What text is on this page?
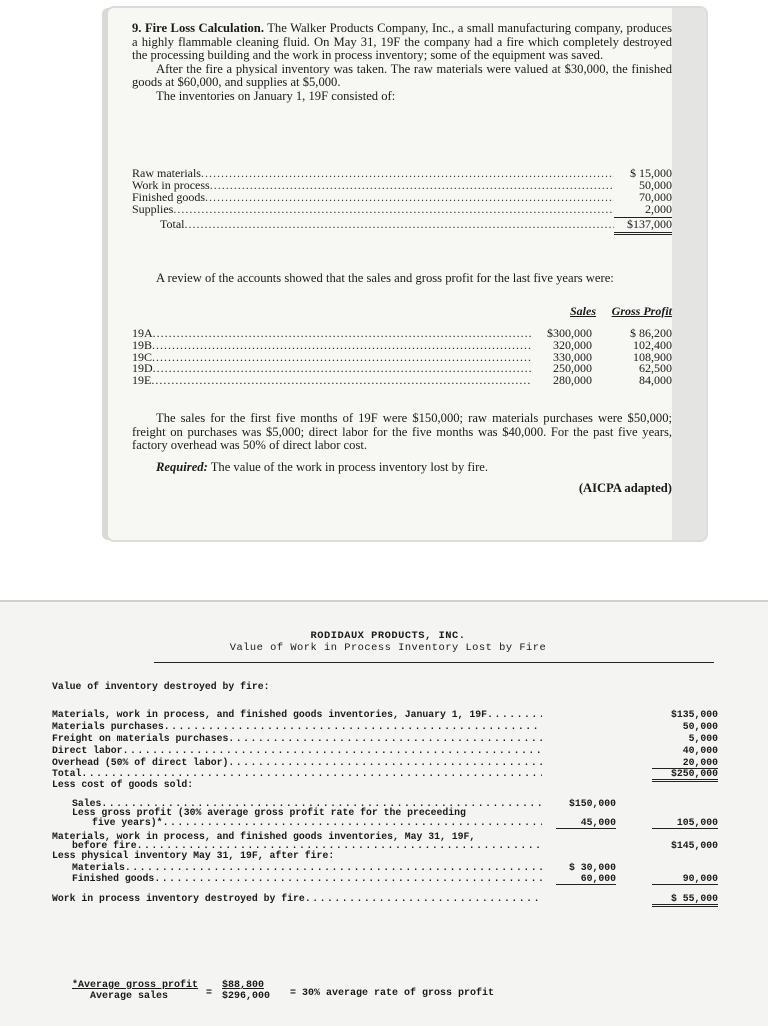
9. Fire Loss Calculation. The Walker Products Company, Inc., a small manufacturing company, produces a highly flammable cleaning fluid. On May 31, 19F the company had a fire which completely destroyed the processing building and the work in process inventory; some of the equipment was saved.

After the fire a physical inventory was taken. The raw materials were valued at $30,000, the finished goods at $60,000, and supplies at $5,000.

The inventories on January 1, 19F consisted of:

Raw materials .....	$ 15,000
Work in process .....	50,000
Finished goods .....	70,000
Supplies .....	2,000
Total .....	$137,000

A review of the accounts showed that the sales and gross profit for the last five years were:

Sales Gross Profit
19A .....	$300,000	$ 86,200
19B .....	320,000	102,400
19C .....	330,000	108,900
19D .....	250,000	62,500
19E .....	280,000	84,000

The sales for the first five months of 19F were $150,000; raw materials purchases were $50,000; freight on purchases was $5,000; direct labor for the five months was $40,000. For the past five years, factory overhead was 50% of direct labor cost.

Required: The value of the work in process inventory lost by fire.

(AICPA adapted)

RODIDAUX PRODUCTS, INC.
Value of Work in Process Inventory Lost by Fire
Value of inventory destroyed by fire:
Materials, work in process, and finished goods inventories, January 1, 19F .....	$135,000
Materials purchases .....	50,000
Freight on materials purchases .....	5,000
Direct labor .....	40,000
Overhead (50% of direct labor) .....	20,000
Total .....	$250,000
Less cost of goods sold:
Sales .....	$150,000
Less gross profit (30% average gross profit rate for the preceeding
five years)* .....	45,000	105,000
Materials, work in process, and finished goods inventories, May 31, 19F,
before fire .....	$145,000
Less physical inventory May 31, 19F, after fire:
Materials .....	$ 30,000
Finished goods .....	60,000	90,000
Work in process inventory destroyed by fire .....	$ 55,000
*Average gross profit
Average sales	= $\frac{\$88,800}{\$296,000} = 30\%$ average rate of gross profit
